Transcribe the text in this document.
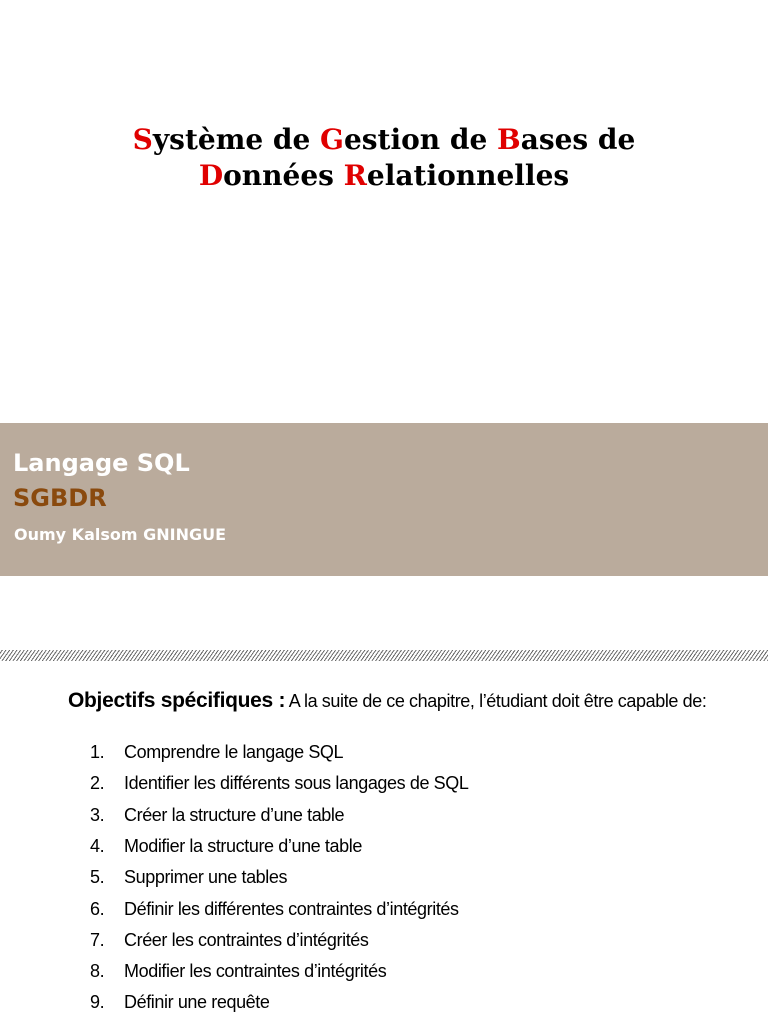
Système de Gestion de Bases de
Données Relationnelles
Langage SQL
SGBDR
Oumy Kalsom GNINGUE
Objectifs spécifiques : A la suite de ce chapitre, l’étudiant doit être capable de:
1.	Comprendre le langage SQL
2.	Identifier les différents sous langages de SQL
3.	Créer la structure d’une table
4.	Modifier la structure d’une table
5.	Supprimer une tables
6.	Définir les différentes contraintes d’intégrités
7.	Créer les contraintes d’intégrités
8.	Modifier les contraintes d’intégrités
9.	Définir une requête
